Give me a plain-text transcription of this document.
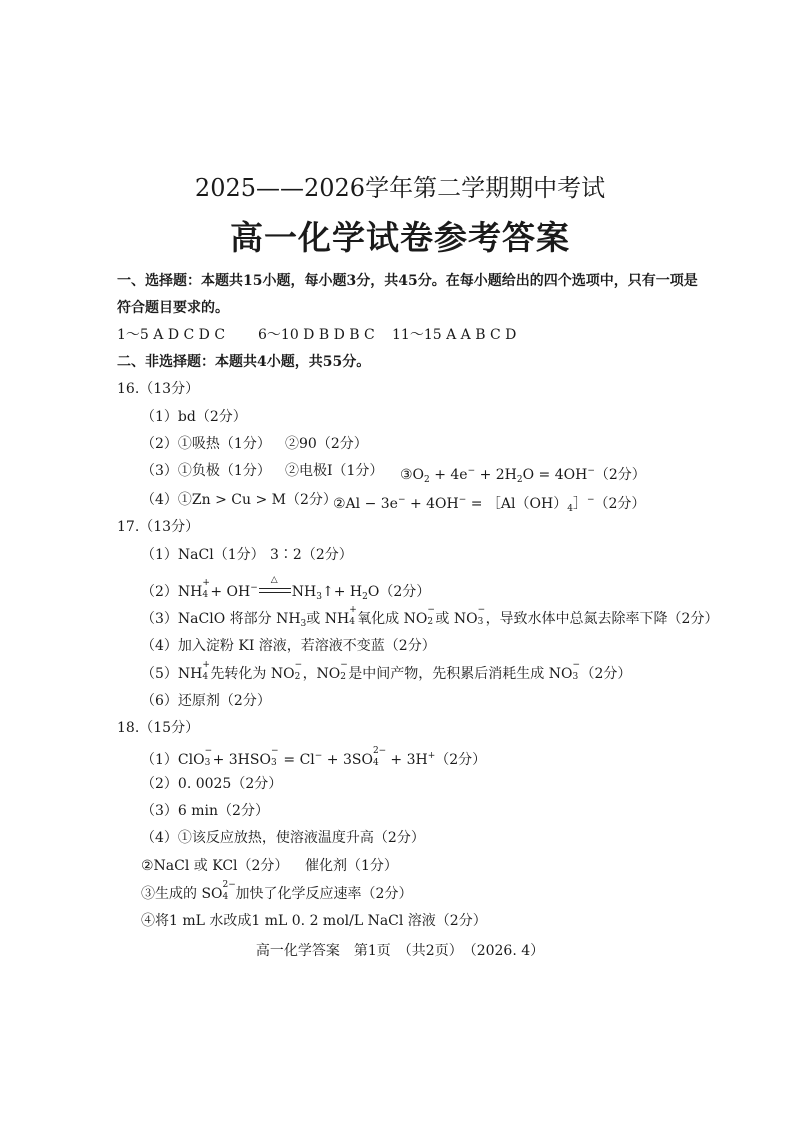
2025——2026学年第二学期期中考试
高一化学试卷参考答案
一、选择题：本题共15小题，每小题3分，共45分。在每小题给出的四个选项中，只有一项是
符合题目要求的。
1～5 A D C D C 6～10 D B D B C 11～15 A A B C D
二、非选择题：本题共4小题，共55分。
16.（13分）
（1）bd（2分）
（2）①吸热（1分） ②90（2分）
（3）①负极（1分） ②电极Ⅰ（1分） $③O_2 + 4e^- + 2H_2O = 4OH^-(2$分）
（4）①Zn > Cu > M（2分）
②Al − $3e^- + 4OH^- = [Al(OH)_4]^-(2$分）
17.（13分）
（1）NaCl（1分） 3∶2（2分）
（2）NH
+
4 + OH−
△
$NH_3↑+ H_2O(2$分）
（3）NaClO 将部分 $NH_3$或 NH
+
4 氧化成 NO
−
2 或 NO
−
3 ，导致水体中总氮去除率下降（2分）
（4）加入淀粉 KI 溶液，若溶液不变蓝（2分）
（5）NH
+
4 先转化为 NO
−
2 ，NO
−
2 是中间产物，先积累后消耗生成 NO
−
3 （2分）
（6）还原剂（2分）
18.（15分）
（1）ClO
−
3 + 3HSO
−
3 = Cl− + 3SO
2−
4 + 3H+（2分）
（2）0. 0025（2分）
（3）6 min（2分）
（4）①该反应放热，使溶液温度升高（2分）
②NaCl 或 KCl（2分） 催化剂（1分）
③生成的 SO
2−
4 加快了化学反应速率（2分）
④将1 mL 水改成1 mL 0. 2 mol/L NaCl 溶液（2分）
高一化学答案　第1页　（共2页）　（2026. 4）
